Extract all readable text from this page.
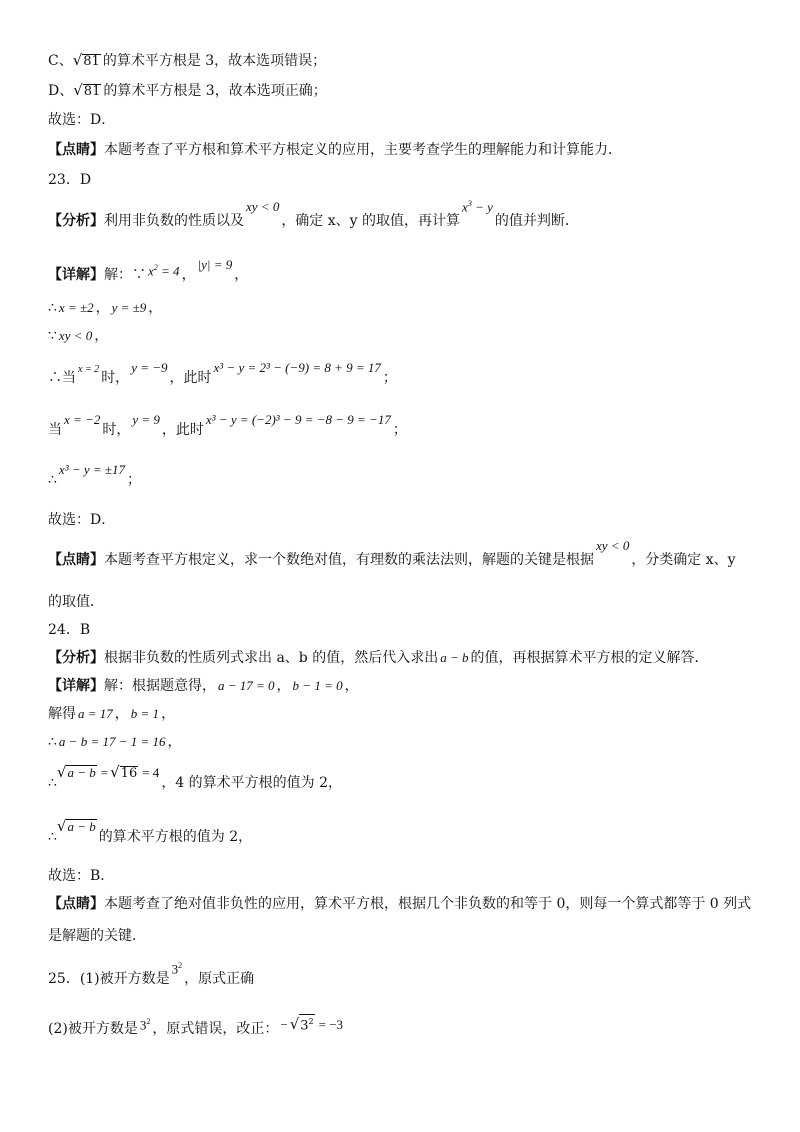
C、 √ 81 的算术平方根是 3，故本选项错误；
D、 √ 81 的算术平方根是 3，故本选项正确；
故选：D．
【点睛】本题考查了平方根和算术平方根定义的应用，主要考查学生的理解能力和计算能力．
23．D
【分析】 利用非负数的性质以及
xy < 0
，确定 x、y 的取值，再计算
$x^3 - y$
的值并判断．
【详解】 解：∵ $x^2 = 4$ ，
|y| = 9
，
∴ x = ±2 ， y = ±9 ，
∵ xy < 0 ，
∴当
x = 2
时，
y = −9
，此时
x³ − y = 2³ − (−9) = 8 + 9 = 17
；
当
x = −2
时，
y = 9
，此时
x³ − y = (−2)³ − 9 = −8 − 9 = −17
；
∴
x³ − y = ±17
；
故选：D．
【点睛】 本题考查平方根定义，求一个数绝对值，有理数的乘法法则，解题的关键是根据
xy < 0
，分类确定 x、y
的取值．
24．B
【分析】 根据非负数的性质列式求出 a、b 的值，然后代入求出 a − b 的值，再根据算术平方根的定义解答．
【详解】 解：根据题意得， a − 17 = 0 ， b − 1 = 0 ，
解得 a = 17 ， b = 1 ，
∴ a − b = 17 − 1 = 16 ，
∴
√ a − b = √ 16 = 4
，4 的算术平方根的值为 2，
∴
√ a − b
的算术平方根的值为 2，
故选：B．
【点睛】本题考查了绝对值非负性的应用，算术平方根，根据几个非负数的和等于 0，则每一个算式都等于 0 列式
是解题的关键．
25．(1)被开方数是
$3^2$
，原式正确
(2)被开方数是 $3^2$ ，原式错误，改正： − √ $3^2 = -3$
